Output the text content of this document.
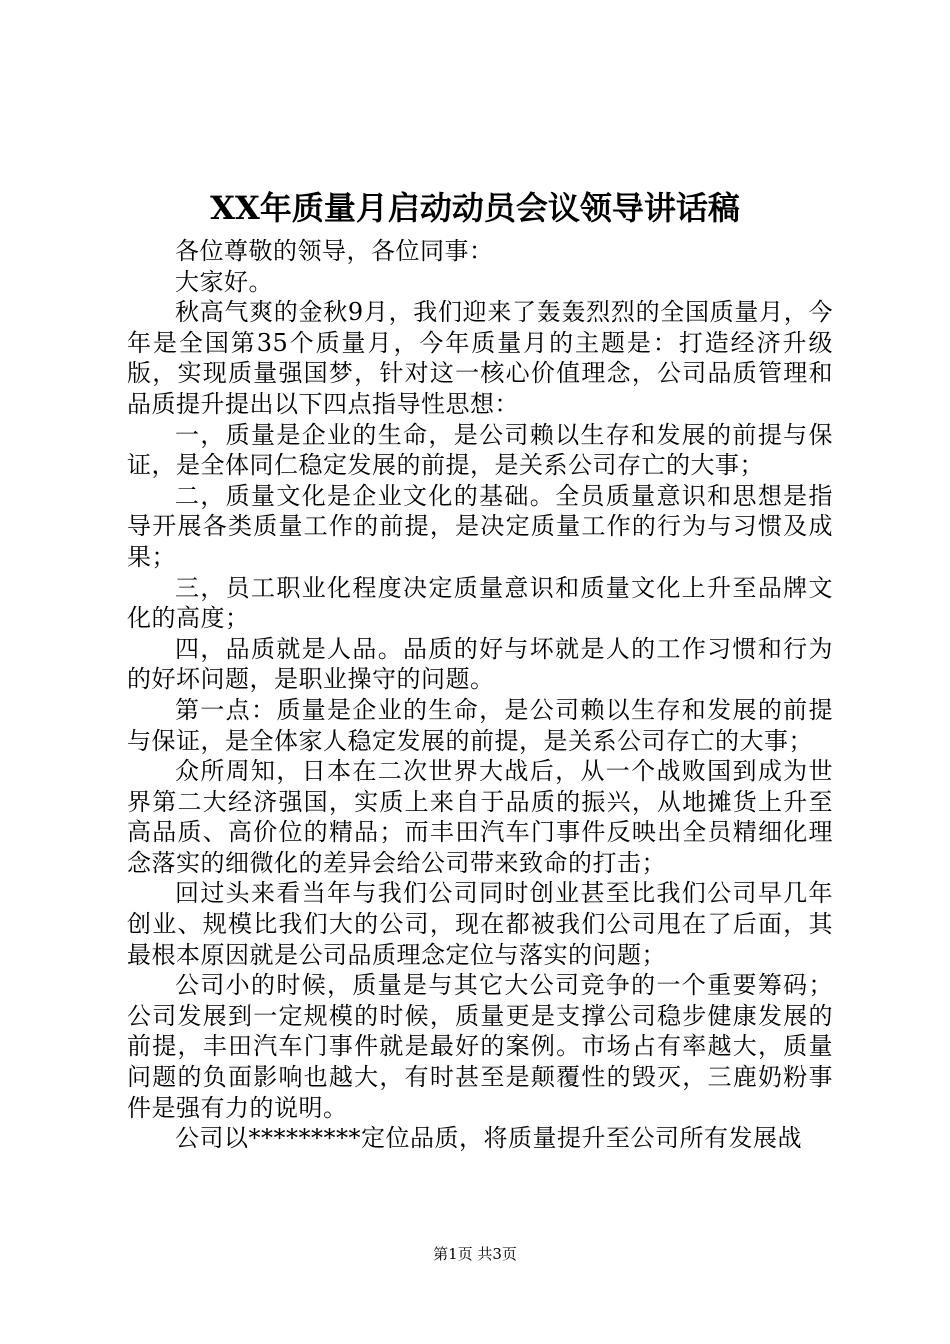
XX年质量月启动动员会议领导讲话稿

各位尊敬的领导，各位同事：

大家好。

秋高气爽的金秋9月，我们迎来了轰轰烈烈的全国质量月，今年是全国第35个质量月，今年质量月的主题是：打造经济升级版，实现质量强国梦，针对这一核心价值理念，公司品质管理和品质提升提出以下四点指导性思想：

一，质量是企业的生命，是公司赖以生存和发展的前提与保证，是全体同仁稳定发展的前提，是关系公司存亡的大事；

二，质量文化是企业文化的基础。全员质量意识和思想是指导开展各类质量工作的前提，是决定质量工作的行为与习惯及成果；

三，员工职业化程度决定质量意识和质量文化上升至品牌文化的高度；

四，品质就是人品。品质的好与坏就是人的工作习惯和行为的好坏问题，是职业操守的问题。

第一点：质量是企业的生命，是公司赖以生存和发展的前提与保证，是全体家人稳定发展的前提，是关系公司存亡的大事；

众所周知，日本在二次世界大战后，从一个战败国到成为世界第二大经济强国，实质上来自于品质的振兴，从地摊货上升至高品质、高价位的精品；而丰田汽车门事件反映出全员精细化理念落实的细微化的差异会给公司带来致命的打击；

回过头来看当年与我们公司同时创业甚至比我们公司早几年创业、规模比我们大的公司，现在都被我们公司甩在了后面，其最根本原因就是公司品质理念定位与落实的问题；

公司小的时候，质量是与其它大公司竞争的一个重要筹码；公司发展到一定规模的时候，质量更是支撑公司稳步健康发展的前提，丰田汽车门事件就是最好的案例。市场占有率越大，质量问题的负面影响也越大，有时甚至是颠覆性的毁灭，三鹿奶粉事件是强有力的说明。

公司以*********定位品质，将质量提升至公司所有发展战

第1页 共3页
